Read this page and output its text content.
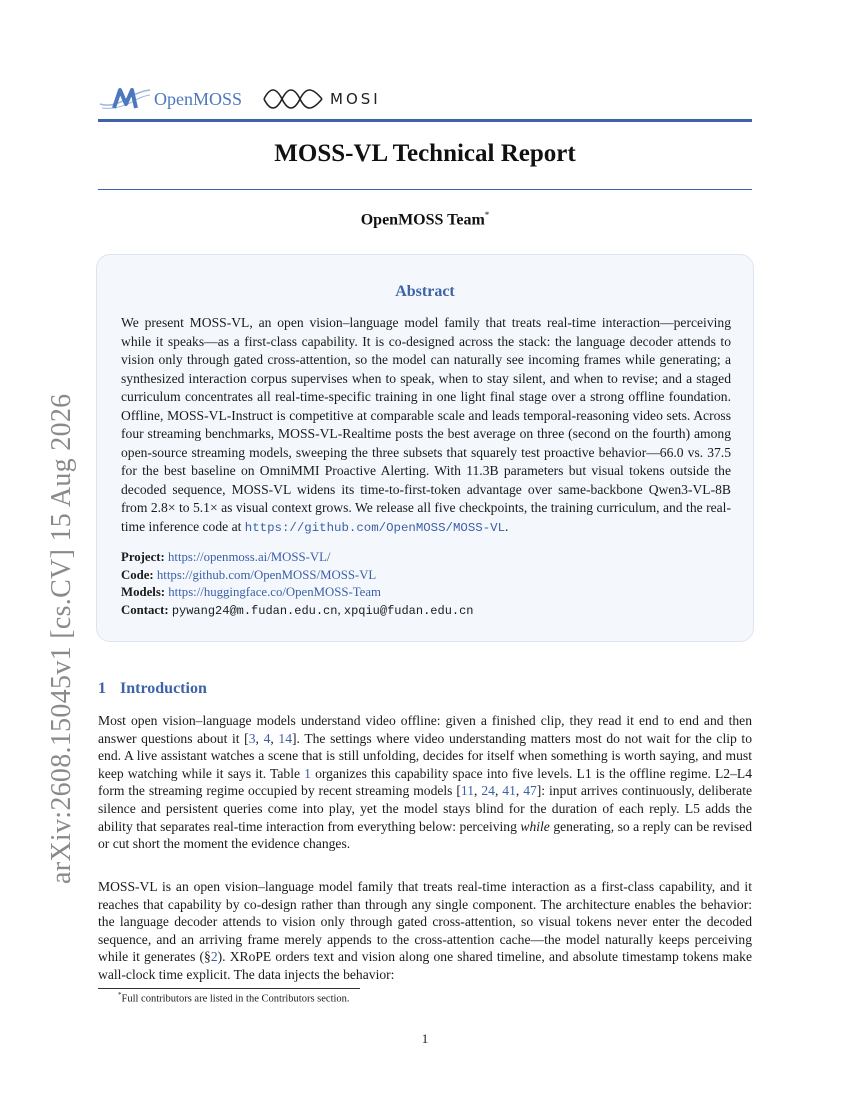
OpenMOSS	MOSI
MOSS-VL Technical Report
OpenMOSS Team*
Abstract
We present MOSS-VL, an open vision–language model family that treats real-time interaction—perceiving while it speaks—as a first-class capability. It is co-designed across the stack: the language decoder attends to vision only through gated cross-attention, so the model can naturally see incoming frames while generating; a synthesized interaction corpus supervises when to speak, when to stay silent, and when to revise; and a staged curriculum concentrates all real-time-specific training in one light final stage over a strong offline foundation. Offline, MOSS-VL-Instruct is competitive at comparable scale and leads temporal-reasoning video sets. Across four streaming benchmarks, MOSS-VL-Realtime posts the best average on three (second on the fourth) among open-source streaming models, sweeping the three subsets that squarely test proactive behavior—66.0 vs. 37.5 for the best baseline on OmniMMI Proactive Alerting. With 11.3B parameters but visual tokens outside the decoded sequence, MOSS-VL widens its time-to-first-token advantage over same-backbone Qwen3-VL-8B from 2.8× to 5.1× as visual context grows. We release all five checkpoints, the training curriculum, and the real-time inference code at https://github.com/OpenMOSS/MOSS-VL.
Project: https://openmoss.ai/MOSS-VL/
Code: https://github.com/OpenMOSS/MOSS-VL
Models: https://huggingface.co/OpenMOSS-Team
Contact: pywang24@m.fudan.edu.cn, xpqiu@fudan.edu.cn
arXiv:2608.15045v1 [cs.CV] 15 Aug 2026 1 Introduction
Most open vision–language models understand video offline: given a finished clip, they read it end to end and then answer questions about it [3, 4, 14]. The settings where video understanding matters most do not wait for the clip to end. A live assistant watches a scene that is still unfolding, decides for itself when something is worth saying, and must keep watching while it says it. Table 1 organizes this capability space into five levels. L1 is the offline regime. L2–L4 form the streaming regime occupied by recent streaming models [11, 24, 41, 47]: input arrives continuously, deliberate silence and persistent queries come into play, yet the model stays blind for the duration of each reply. L5 adds the ability that separates real-time interaction from everything below: perceiving while generating, so a reply can be revised or cut short the moment the evidence changes.
MOSS-VL is an open vision–language model family that treats real-time interaction as a first-class capability, and it reaches that capability by co-design rather than through any single component. The architecture enables the behavior: the language decoder attends to vision only through gated cross-attention, so visual tokens never enter the decoded sequence, and an arriving frame merely appends to the cross-attention cache—the model naturally keeps perceiving while it generates (§2). XRoPE orders text and vision along one shared timeline, and absolute timestamp tokens make wall-clock time explicit. The data injects the behavior:
*Full contributors are listed in the Contributors section.
1
